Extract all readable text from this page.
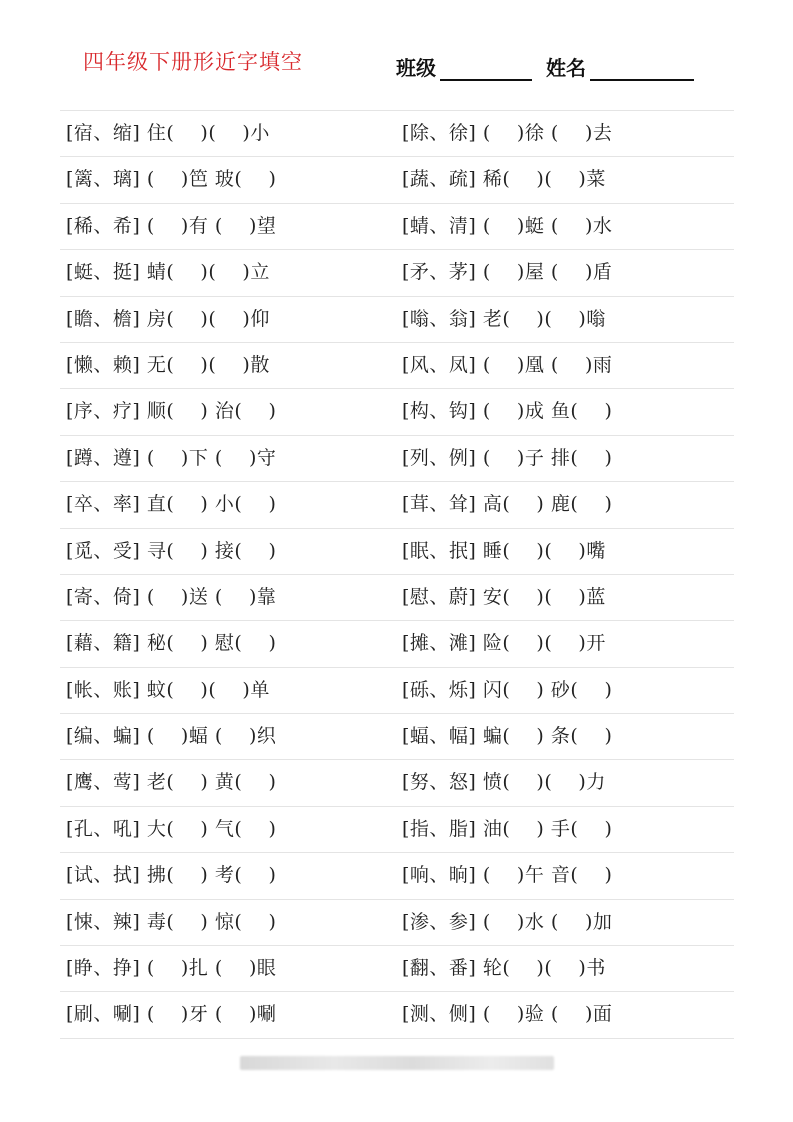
四年级下册形近字填空	班级	姓名
[宿、缩] 住(    )(    )小	[除、徐] (    )徐 (    )去
[篱、璃] (    )笆 玻(    )	[蔬、疏] 稀(    )(    )菜
[稀、希] (    )有 (    )望	[蜻、清] (    )蜓 (    )水
[蜓、挺] 蜻(    )(    )立	[矛、茅] (    )屋 (    )盾
[瞻、檐] 房(    )(    )仰	[嗡、翁] 老(    )(    )嗡
[懒、赖] 无(    )(    )散	[风、凤] (    )凰 (    )雨
[序、疗] 顺(    ) 治(    )	[构、钩] (    )成 鱼(    )
[蹲、遵] (    )下 (    )守	[列、例] (    )子 排(    )
[卒、率] 直(    ) 小(    )	[茸、耸] 高(    ) 鹿(    )
[觅、受] 寻(    ) 接(    )	[眠、抿] 睡(    )(    )嘴
[寄、倚] (    )送 (    )靠	[慰、蔚] 安(    )(    )蓝
[藉、籍] 秘(    ) 慰(    )	[摊、滩] 险(    )(    )开
[帐、账] 蚊(    )(    )单	[砾、烁] 闪(    ) 砂(    )
[编、蝙] (    )蝠 (    )织	[蝠、幅] 蝙(    ) 条(    )
[鹰、莺] 老(    ) 黄(    )	[努、怒] 愤(    )(    )力
[孔、吼] 大(    ) 气(    )	[指、脂] 油(    ) 手(    )
[试、拭] 拂(    ) 考(    )	[响、晌] (    )午 音(    )
[悚、辣] 毒(    ) 惊(    )	[渗、参] (    )水 (    )加
[睁、挣] (    )扎 (    )眼	[翻、番] 轮(    )(    )书
[刷、唰] (    )牙 (    )唰	[测、侧] (    )验 (    )面
